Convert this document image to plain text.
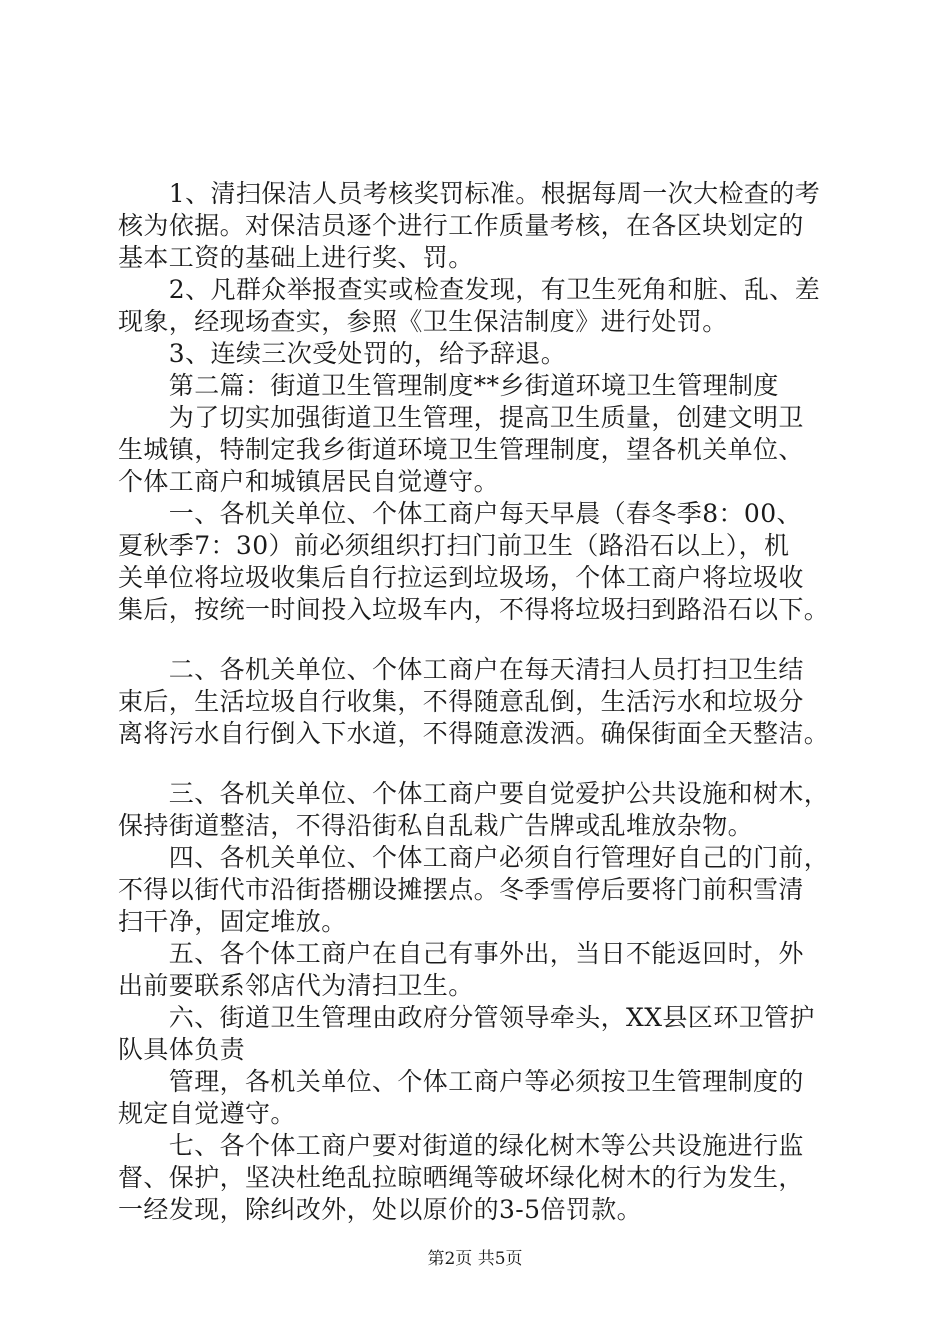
　　1、清扫保洁人员考核奖罚标准。根据每周一次大检查的考
核为依据。对保洁员逐个进行工作质量考核，在各区块划定的
基本工资的基础上进行奖、罚。
　　2、凡群众举报查实或检查发现，有卫生死角和脏、乱、差
现象，经现场查实，参照《卫生保洁制度》进行处罚。
　　3、连续三次受处罚的，给予辞退。
　　第二篇：街道卫生管理制度**乡街道环境卫生管理制度
　　为了切实加强街道卫生管理，提高卫生质量，创建文明卫
生城镇，特制定我乡街道环境卫生管理制度，望各机关单位、
个体工商户和城镇居民自觉遵守。
　　一、各机关单位、个体工商户每天早晨（春冬季8：00、
夏秋季7：30）前必须组织打扫门前卫生（路沿石以上），机
关单位将垃圾收集后自行拉运到垃圾场，个体工商户将垃圾收
集后，按统一时间投入垃圾车内，不得将垃圾扫到路沿石以下。
　　二、各机关单位、个体工商户在每天清扫人员打扫卫生结
束后，生活垃圾自行收集，不得随意乱倒，生活污水和垃圾分
离将污水自行倒入下水道，不得随意泼洒。确保街面全天整洁。
　　三、各机关单位、个体工商户要自觉爱护公共设施和树木，
保持街道整洁，不得沿街私自乱栽广告牌或乱堆放杂物。
　　四、各机关单位、个体工商户必须自行管理好自己的门前，
不得以街代市沿街搭棚设摊摆点。冬季雪停后要将门前积雪清
扫干净，固定堆放。
　　五、各个体工商户在自己有事外出，当日不能返回时，外
出前要联系邻店代为清扫卫生。
　　六、街道卫生管理由政府分管领导牵头，XX县区环卫管护
队具体负责
　　管理，各机关单位、个体工商户等必须按卫生管理制度的
规定自觉遵守。
　　七、各个体工商户要对街道的绿化树木等公共设施进行监
督、保护，坚决杜绝乱拉晾晒绳等破坏绿化树木的行为发生，
一经发现，除纠改外，处以原价的3-5倍罚款。
第2页 共5页
